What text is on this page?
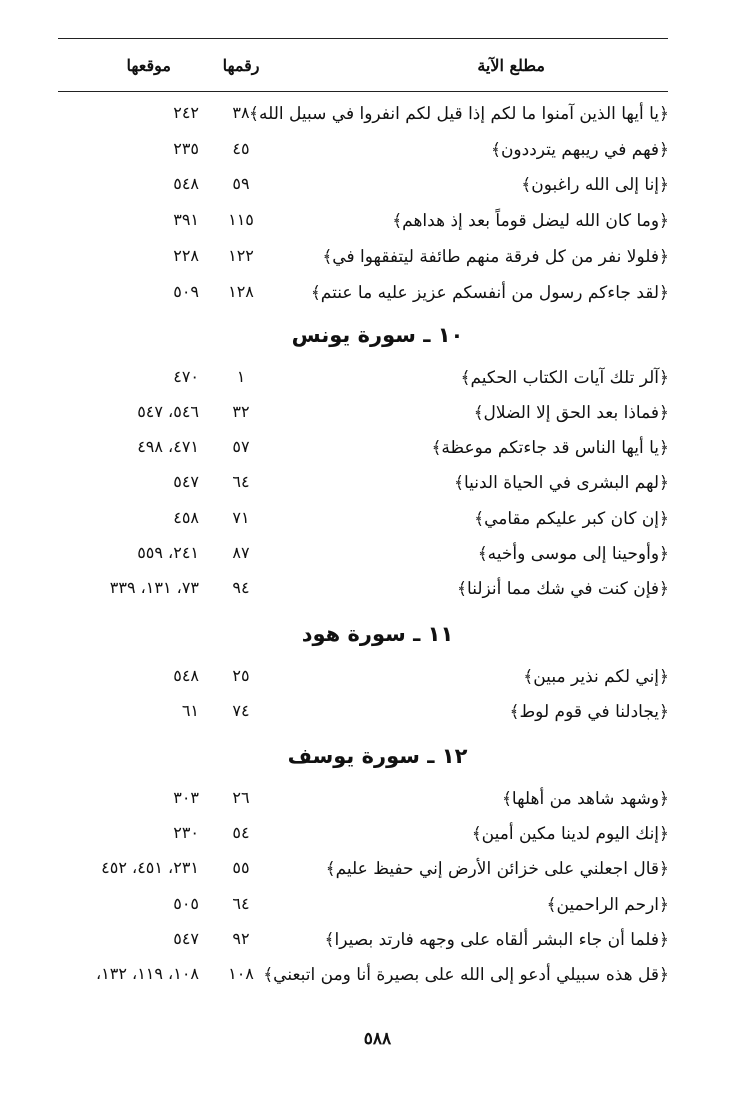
مطلع الآية
رقمها
موقعها
﴿يا أيها الذين آمنوا ما لكم إذا قيل لكم انفروا في سبيل الله﴾
٣٨
٢٤٢
﴿فهم في ريبهم يترددون﴾
٤٥
٢٣٥
﴿إنا إلى الله راغبون﴾
٥٩
٥٤٨
﴿وما كان الله ليضل قوماً بعد إذ هداهم﴾
١١٥
٣٩١
﴿فلولا نفر من كل فرقة منهم طائفة ليتفقهوا في﴾
١٢٢
٢٢٨
﴿لقد جاءكم رسول من أنفسكم عزيز عليه ما عنتم﴾
١٢٨
٥٠٩
١٠ ـ سورة يونس
﴿آلر تلك آيات الكتاب الحكيم﴾
١
٤٧٠
﴿فماذا بعد الحق إلا الضلال﴾
٣٢
٥٤٦، ٥٤٧
﴿يا أيها الناس قد جاءتكم موعظة﴾
٥٧
٤٧١، ٤٩٨
﴿لهم البشرى في الحياة الدنيا﴾
٦٤
٥٤٧
﴿إن كان كبر عليكم مقامي﴾
٧١
٤٥٨
﴿وأوحينا إلى موسى وأخيه﴾
٨٧
٢٤١، ٥٥٩
﴿فإن كنت في شك مما أنزلنا﴾
٩٤
٧٣، ١٣١، ٣٣٩
١١ ـ سورة هود
﴿إني لكم نذير مبين﴾
٢٥
٥٤٨
﴿يجادلنا في قوم لوط﴾
٧٤
٦١
١٢ ـ سورة يوسف
﴿وشهد شاهد من أهلها﴾
٢٦
٣٠٣
﴿إنك اليوم لدينا مكين أمين﴾
٥٤
٢٣٠
﴿قال اجعلني على خزائن الأرض إني حفيظ عليم﴾
٥٥
٢٣١، ٤٥١، ٤٥٢
﴿ارحم الراحمين﴾
٦٤
٥٠٥
﴿فلما أن جاء البشر ألقاه على وجهه فارتد بصيرا﴾
٩٢
٥٤٧
﴿قل هذه سبيلي أدعو إلى الله على بصيرة أنا ومن اتبعني﴾
١٠٨
١٠٨، ١١٩، ١٣٢،
٥٨٨
